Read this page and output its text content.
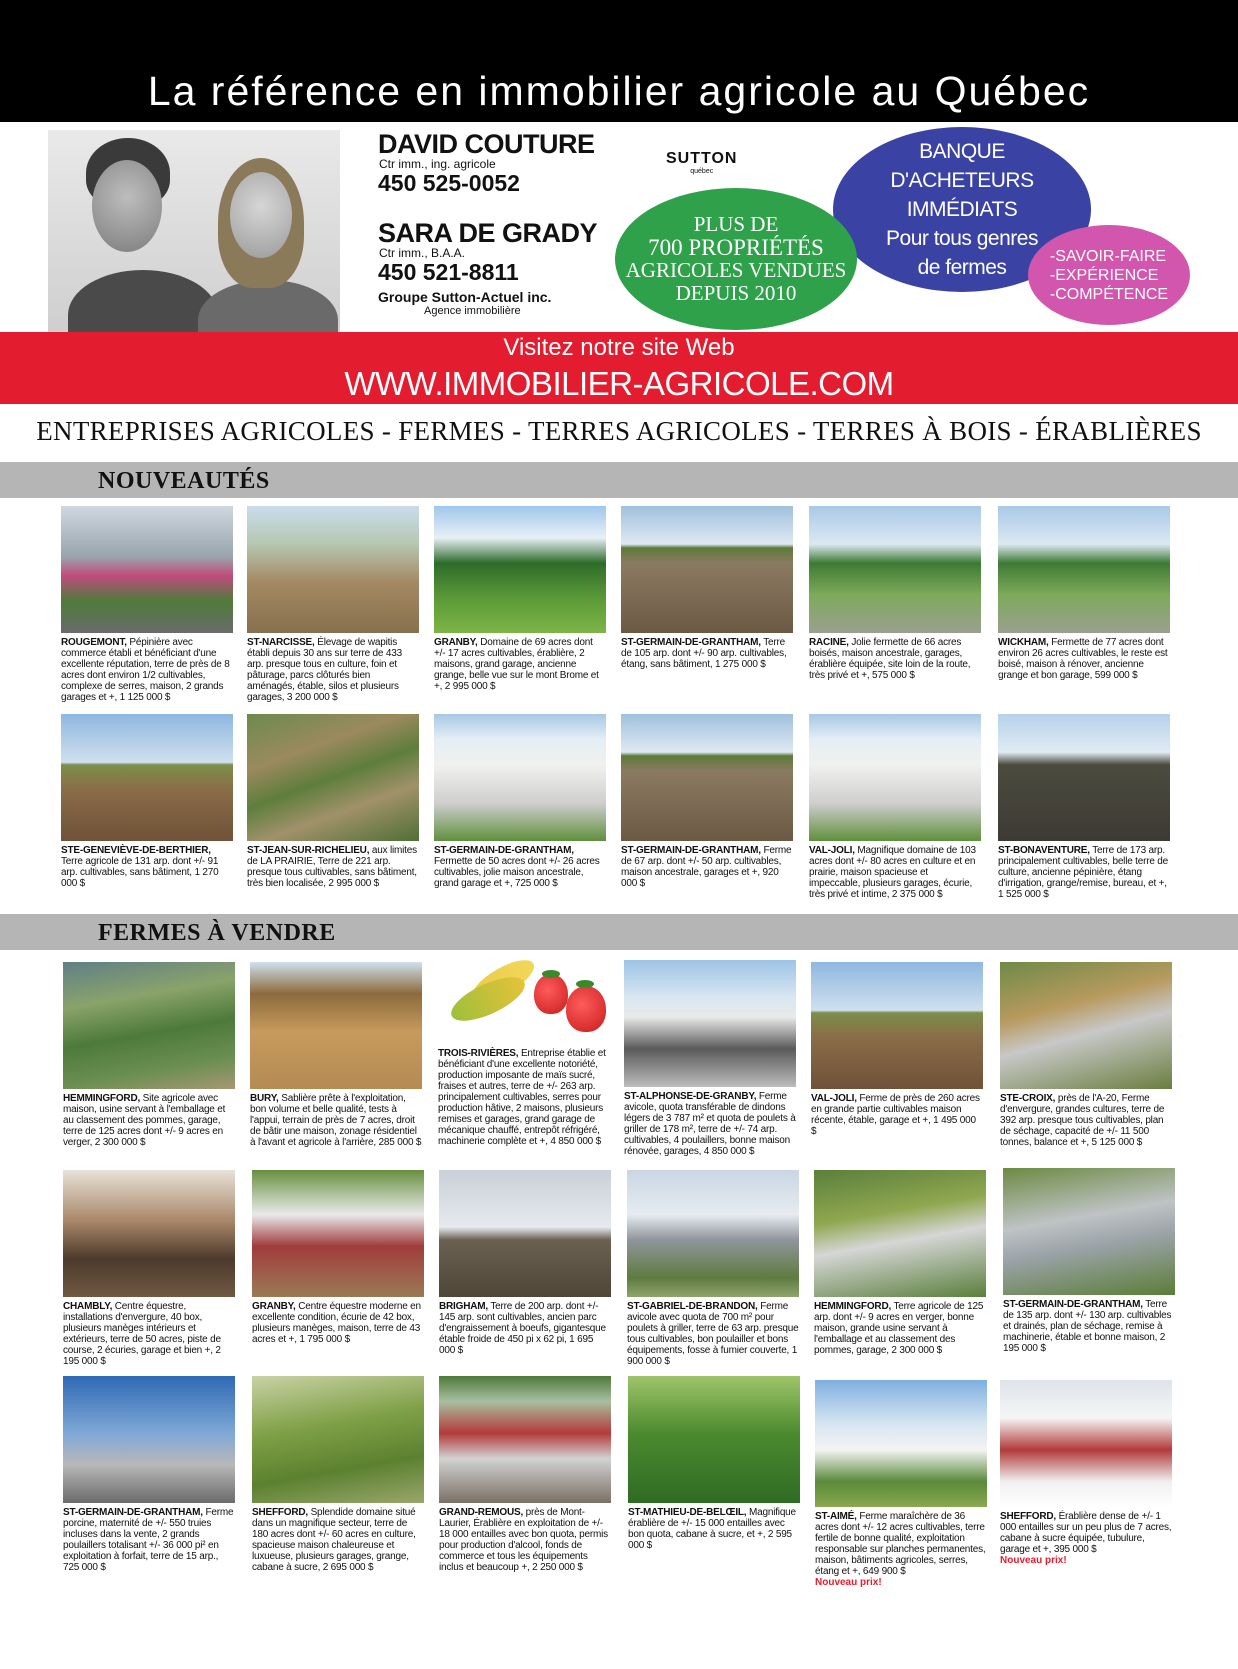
La référence en immobilier agricole au Québec
DAVID COUTURE
Ctr imm., ing. agricole
450 525-0052
SARA DE GRADY
Ctr imm., B.A.A.
450 521-8811
Groupe Sutton-Actuel inc.
Agence immobilière
SUTTON
québec
BANQUE
D'ACHETEURS IMMÉDIATS
Pour tous genres
de fermes
PLUS DE
700 PROPRIÉTÉS
AGRICOLES VENDUES
DEPUIS 2010
-SAVOIR-FAIRE
-EXPÉRIENCE
-COMPÉTENCE
Visitez notre site Web
WWW.IMMOBILIER-AGRICOLE.COM
ENTREPRISES AGRICOLES - FERMES - TERRES AGRICOLES - TERRES À BOIS - ÉRABLIÈRES
NOUVEAUTÉS
FERMES À VENDRE
ROUGEMONT, Pépinière avec commerce établi et bénéficiant d'une excellente réputation, terre de près de 8 acres dont environ 1/2 cultivables, complexe de serres, maison, 2 grands garages et +, 1 125 000 $
ST-NARCISSE, Élevage de wapitis établi depuis 30 ans sur terre de 433 arp. presque tous en culture, foin et pâturage, parcs clôturés bien aménagés, étable, silos et plusieurs garages, 3 200 000 $
GRANBY, Domaine de 69 acres dont +/- 17 acres cultivables, érablière, 2 maisons, grand garage, ancienne grange, belle vue sur le mont Brome et +, 2 995 000 $
ST-GERMAIN-DE-GRANTHAM, Terre de 105 arp. dont +/- 90 arp. cultivables, étang, sans bâtiment, 1 275 000 $
RACINE, Jolie fermette de 66 acres boisés, maison ancestrale, garages, érablière équipée, site loin de la route, très privé et +, 575 000 $
WICKHAM, Fermette de 77 acres dont environ 26 acres cultivables, le reste est boisé, maison à rénover, ancienne grange et bon garage, 599 000 $
STE-GENEVIÈVE-DE-BERTHIER, Terre agricole de 131 arp. dont +/- 91 arp. cultivables, sans bâtiment, 1 270 000 $
ST-JEAN-SUR-RICHELIEU, aux limites de LA PRAIRIE, Terre de 221 arp. presque tous cultivables, sans bâtiment, très bien localisée, 2 995 000 $
ST-GERMAIN-DE-GRANTHAM, Fermette de 50 acres dont +/- 26 acres cultivables, jolie maison ancestrale, grand garage et +, 725 000 $
ST-GERMAIN-DE-GRANTHAM, Ferme de 67 arp. dont +/- 50 arp. cultivables, maison ancestrale, garages et +, 920 000 $
VAL-JOLI, Magnifique domaine de 103 acres dont +/- 80 acres en culture et en prairie, maison spacieuse et impeccable, plusieurs garages, écurie, très privé et intime, 2 375 000 $
ST-BONAVENTURE, Terre de 173 arp. principalement cultivables, belle terre de culture, ancienne pépinière, étang d'irrigation, grange/remise, bureau, et +, 1 525 000 $
HEMMINGFORD, Site agricole avec maison, usine servant à l'emballage et au classement des pommes, garage, terre de 125 acres dont +/- 9 acres en verger, 2 300 000 $
BURY, Sablière prête à l'exploitation, bon volume et belle qualité, tests à l'appui, terrain de près de 7 acres, droit de bâtir une maison, zonage résidentiel à l'avant et agricole à l'arrière, 285 000 $
TROIS-RIVIÈRES, Entreprise établie et bénéficiant d'une excellente notoriété, production imposante de maïs sucré, fraises et autres, terre de +/- 263 arp. principalement cultivables, serres pour production hâtive, 2 maisons, plusieurs remises et garages, grand garage de mécanique chauffé, entrepôt réfrigéré, machinerie complète et +, 4 850 000 $
ST-ALPHONSE-DE-GRANBY, Ferme avicole, quota transférable de dindons légers de 3 787 m² et quota de poulets à griller de 178 m², terre de +/- 74 arp. cultivables, 4 poulaillers, bonne maison rénovée, garages, 4 850 000 $
VAL-JOLI, Ferme de près de 260 acres en grande partie cultivables maison récente, étable, garage et +, 1 495 000 $
STE-CROIX, près de l'A-20, Ferme d'envergure, grandes cultures, terre de 392 arp. presque tous cultivables, plan de séchage, capacité de +/- 11 500 tonnes, balance et +, 5 125 000 $
CHAMBLY, Centre équestre, installations d'envergure, 40 box, plusieurs manèges intérieurs et extérieurs, terre de 50 acres, piste de course, 2 écuries, garage et bien +, 2 195 000 $
GRANBY, Centre équestre moderne en excellente condition, écurie de 42 box, plusieurs manèges, maison, terre de 43 acres et +, 1 795 000 $
BRIGHAM, Terre de 200 arp. dont +/- 145 arp. sont cultivables, ancien parc d'engraissement à boeufs, gigantesque étable froide de 450 pi x 62 pi, 1 695 000 $
ST-GABRIEL-DE-BRANDON, Ferme avicole avec quota de 700 m² pour poulets à griller, terre de 63 arp. presque tous cultivables, bon poulailler et bons équipements, fosse à fumier couverte, 1 900 000 $
HEMMINGFORD, Terre agricole de 125 arp. dont +/- 9 acres en verger, bonne maison, grande usine servant à l'emballage et au classement des pommes, garage, 2 300 000 $
ST-GERMAIN-DE-GRANTHAM, Terre de 135 arp. dont +/- 130 arp. cultivables et drainés, plan de séchage, remise à machinerie, étable et bonne maison, 2 195 000 $
ST-GERMAIN-DE-GRANTHAM, Ferme porcine, maternité de +/- 550 truies incluses dans la vente, 2 grands poulaillers totalisant +/- 36 000 pi² en exploitation à forfait, terre de 15 arp., 725 000 $
SHEFFORD, Splendide domaine situé dans un magnifique secteur, terre de 180 acres dont +/- 60 acres en culture, spacieuse maison chaleureuse et luxueuse, plusieurs garages, grange, cabane à sucre, 2 695 000 $
GRAND-REMOUS, près de Mont-Laurier, Érablière en exploitation de +/- 18 000 entailles avec bon quota, permis pour production d'alcool, fonds de commerce et tous les équipements inclus et beaucoup +, 2 250 000 $
ST-MATHIEU-DE-BELŒIL, Magnifique érablière de +/- 15 000 entailles avec bon quota, cabane à sucre, et +, 2 595 000 $
ST-AIMÉ, Ferme maraîchère de 36 acres dont +/- 12 acres cultivables, terre fertile de bonne qualité, exploitation responsable sur planches permanentes, maison, bâtiments agricoles, serres, étang et +, 649 900 $
Nouveau prix!
SHEFFORD, Érablière dense de +/- 1 000 entailles sur un peu plus de 7 acres, cabane à sucre équipée, tubulure, garage et +, 395 000 $
Nouveau prix!
